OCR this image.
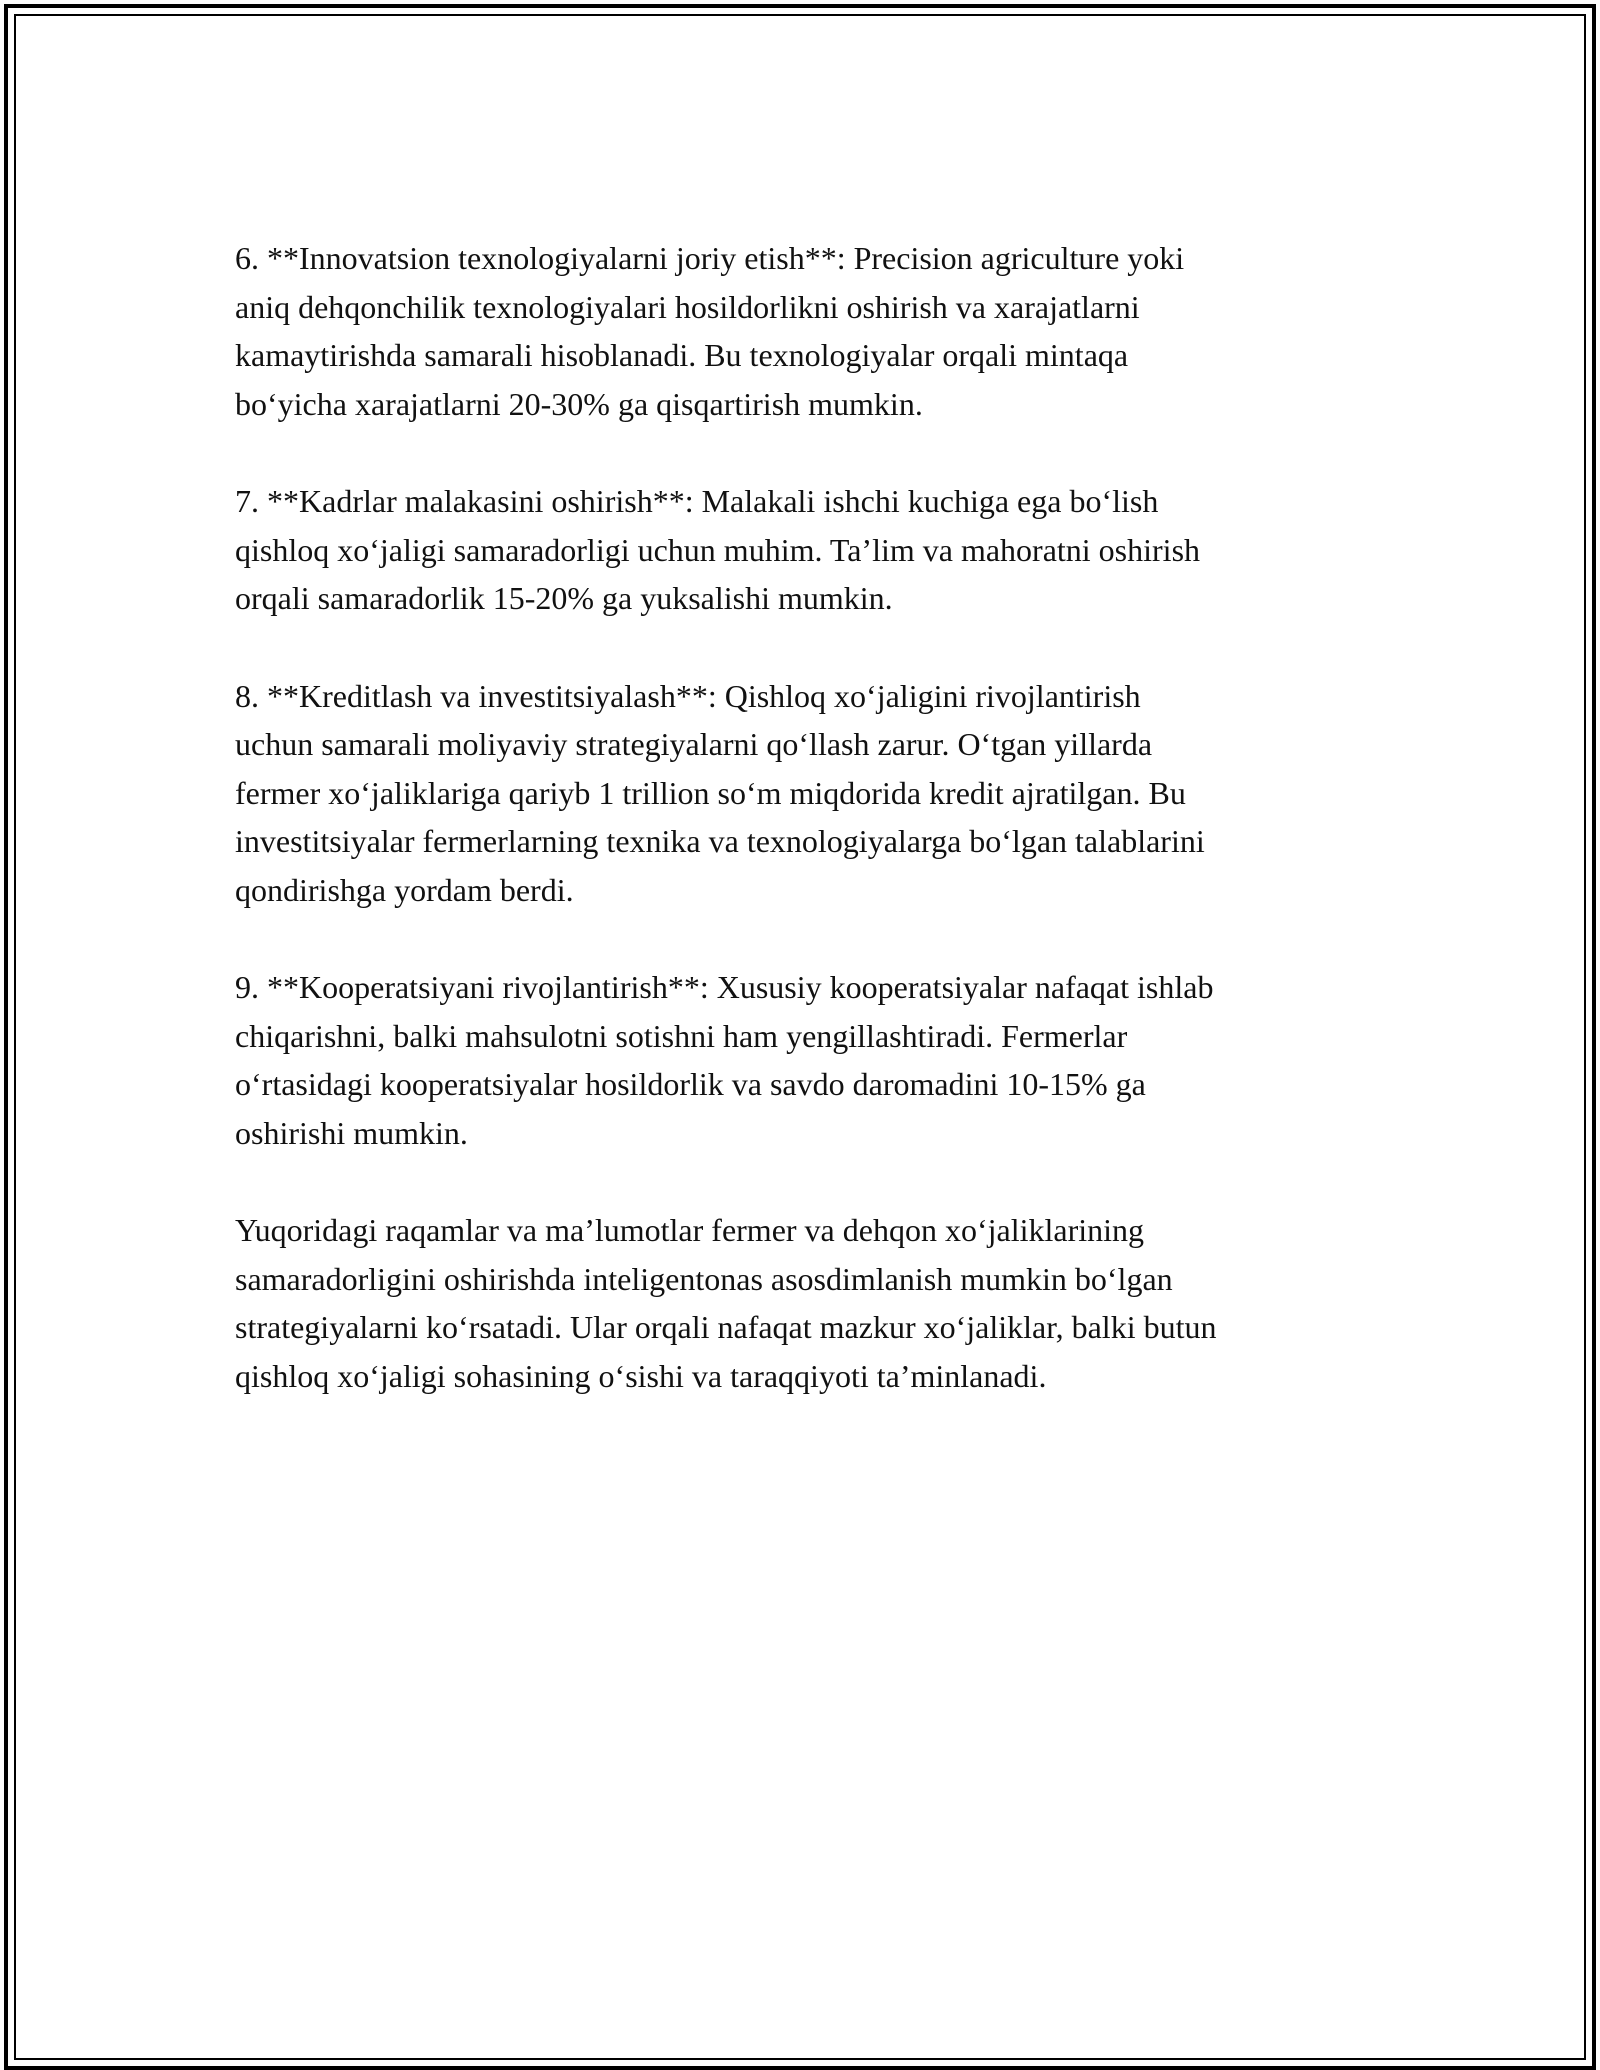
6. **Innovatsion texnologiyalarni joriy etish**: Precision agriculture yoki
aniq dehqonchilik texnologiyalari hosildorlikni oshirish va xarajatlarni
kamaytirishda samarali hisoblanadi. Bu texnologiyalar orqali mintaqa
bo‘yicha xarajatlarni 20-30% ga qisqartirish mumkin.

7. **Kadrlar malakasini oshirish**: Malakali ishchi kuchiga ega bo‘lish
qishloq xo‘jaligi samaradorligi uchun muhim. Ta’lim va mahoratni oshirish
orqali samaradorlik 15-20% ga yuksalishi mumkin.

8. **Kreditlash va investitsiyalash**: Qishloq xo‘jaligini rivojlantirish
uchun samarali moliyaviy strategiyalarni qo‘llash zarur. O‘tgan yillarda
fermer xo‘jaliklariga qariyb 1 trillion so‘m miqdorida kredit ajratilgan. Bu
investitsiyalar fermerlarning texnika va texnologiyalarga bo‘lgan talablarini
qondirishga yordam berdi.

9. **Kooperatsiyani rivojlantirish**: Xususiy kooperatsiyalar nafaqat ishlab
chiqarishni, balki mahsulotni sotishni ham yengillashtiradi. Fermerlar
o‘rtasidagi kooperatsiyalar hosildorlik va savdo daromadini 10-15% ga
oshirishi mumkin.

Yuqoridagi raqamlar va ma’lumotlar fermer va dehqon xo‘jaliklarining
samaradorligini oshirishda inteligentonas asosdimlanish mumkin bo‘lgan
strategiyalarni ko‘rsatadi. Ular orqali nafaqat mazkur xo‘jaliklar, balki butun
qishloq xo‘jaligi sohasining o‘sishi va taraqqiyoti ta’minlanadi.
